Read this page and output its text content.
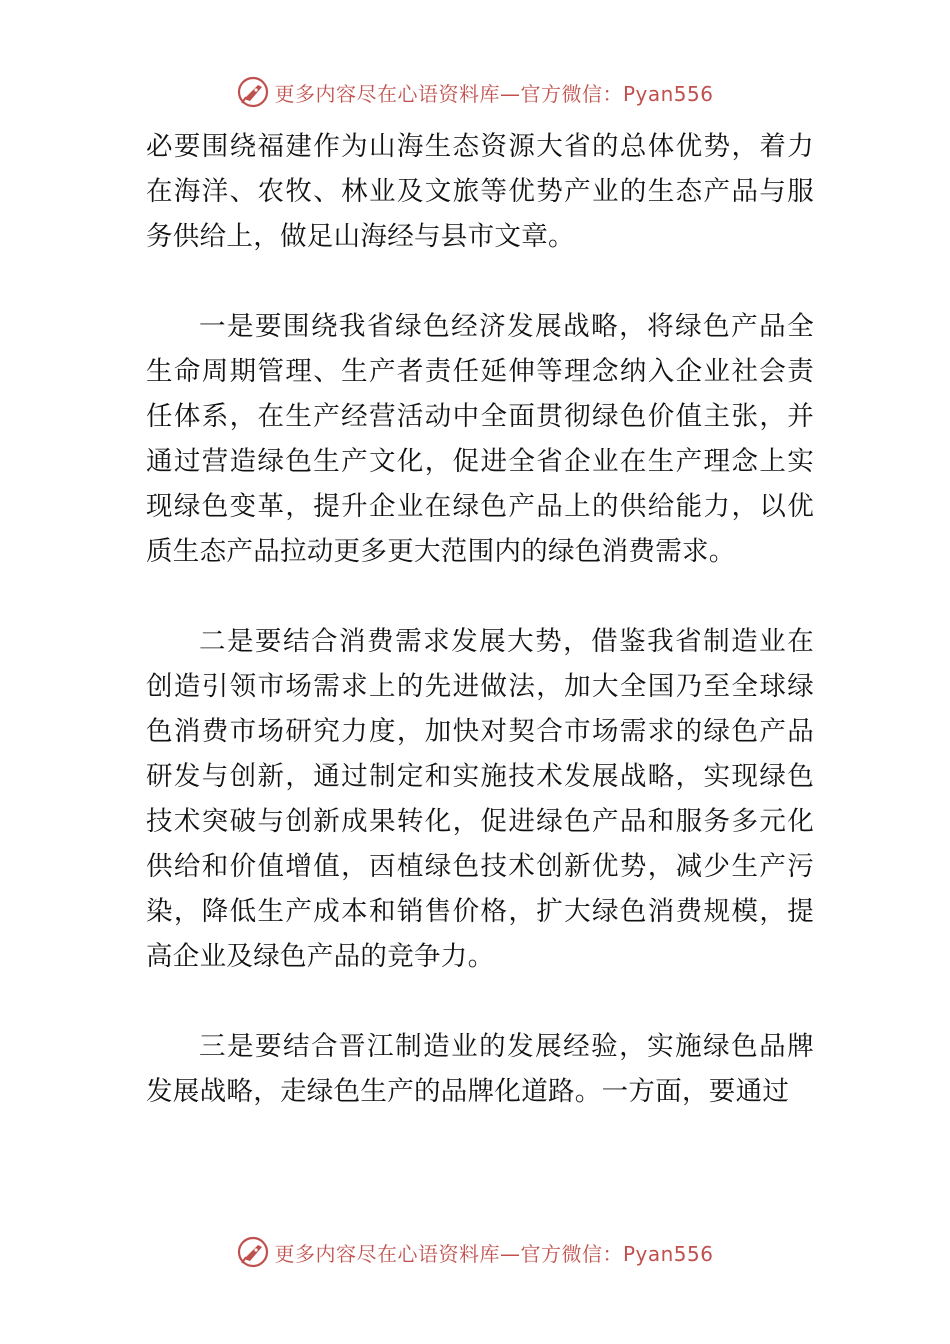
更多内容尽在心语资料库—官方微信：Pyan556

必要围绕福建作为山海生态资源大省的总体优势，着力在海洋、农牧、林业及文旅等优势产业的生态产品与服务供给上，做足山海经与县市文章。

一是要围绕我省绿色经济发展战略，将绿色产品全生命周期管理、生产者责任延伸等理念纳入企业社会责任体系，在生产经营活动中全面贯彻绿色价值主张，并通过营造绿色生产文化，促进全省企业在生产理念上实现绿色变革，提升企业在绿色产品上的供给能力，以优质生态产品拉动更多更大范围内的绿色消费需求。

二是要结合消费需求发展大势，借鉴我省制造业在创造引领市场需求上的先进做法，加大全国乃至全球绿色消费市场研究力度，加快对契合市场需求的绿色产品研发与创新，通过制定和实施技术发展战略，实现绿色技术突破与创新成果转化，促进绿色产品和服务多元化供给和价值增值，㐁植绿色技术创新优势，减少生产污染，降低生产成本和销售价格，扩大绿色消费规模，提高企业及绿色产品的竞争力。

三是要结合晋江制造业的发展经验，实施绿色品牌发展战略，走绿色生产的品牌化道路。一方面，要通过

更多内容尽在心语资料库—官方微信：Pyan556
